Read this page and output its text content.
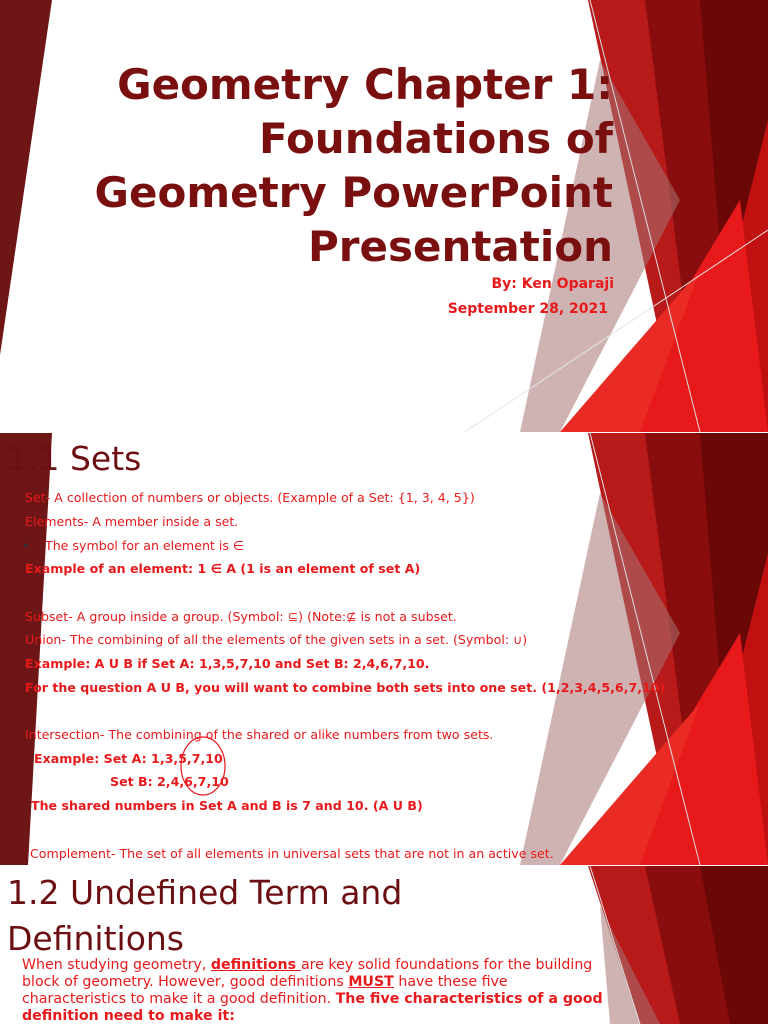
Geometry Chapter 1:
Foundations of
Geometry PowerPoint
Presentation
By: Ken Oparaji
September 28, 2021
1.1 Sets
Set- A collection of numbers or objects. (Example of a Set: {1, 3, 4, 5})
Elements- A member inside a set.
• The symbol for an element is ∈
Example of an element: 1 ∈ A (1 is an element of set A)
Subset- A group inside a group. (Symbol: ⊆) (Note:⊈ is not a subset.
Union- The combining of all the elements of the given sets in a set. (Symbol: ∪)
Example: A U B if Set A: 1,3,5,7,10 and Set B: 2,4,6,7,10.
For the question A U B, you will want to combine both sets into one set. (1,2,3,4,5,6,7,10)
Intersection- The combining of the shared or alike numbers from two sets.
Example: Set A: 1,3,5,7,10
Set B: 2,4,6,7,10
The shared numbers in Set A and B is 7 and 10. (A U B)
Complement- The set of all elements in universal sets that are not in an active set.
1.2 Undefined Term and Definitions
When studying geometry, definitions are key solid foundations for the building block of geometry. However, good definitions MUST have these five characteristics to make it a good definition. The five characteristics of a good definition need to make it:
